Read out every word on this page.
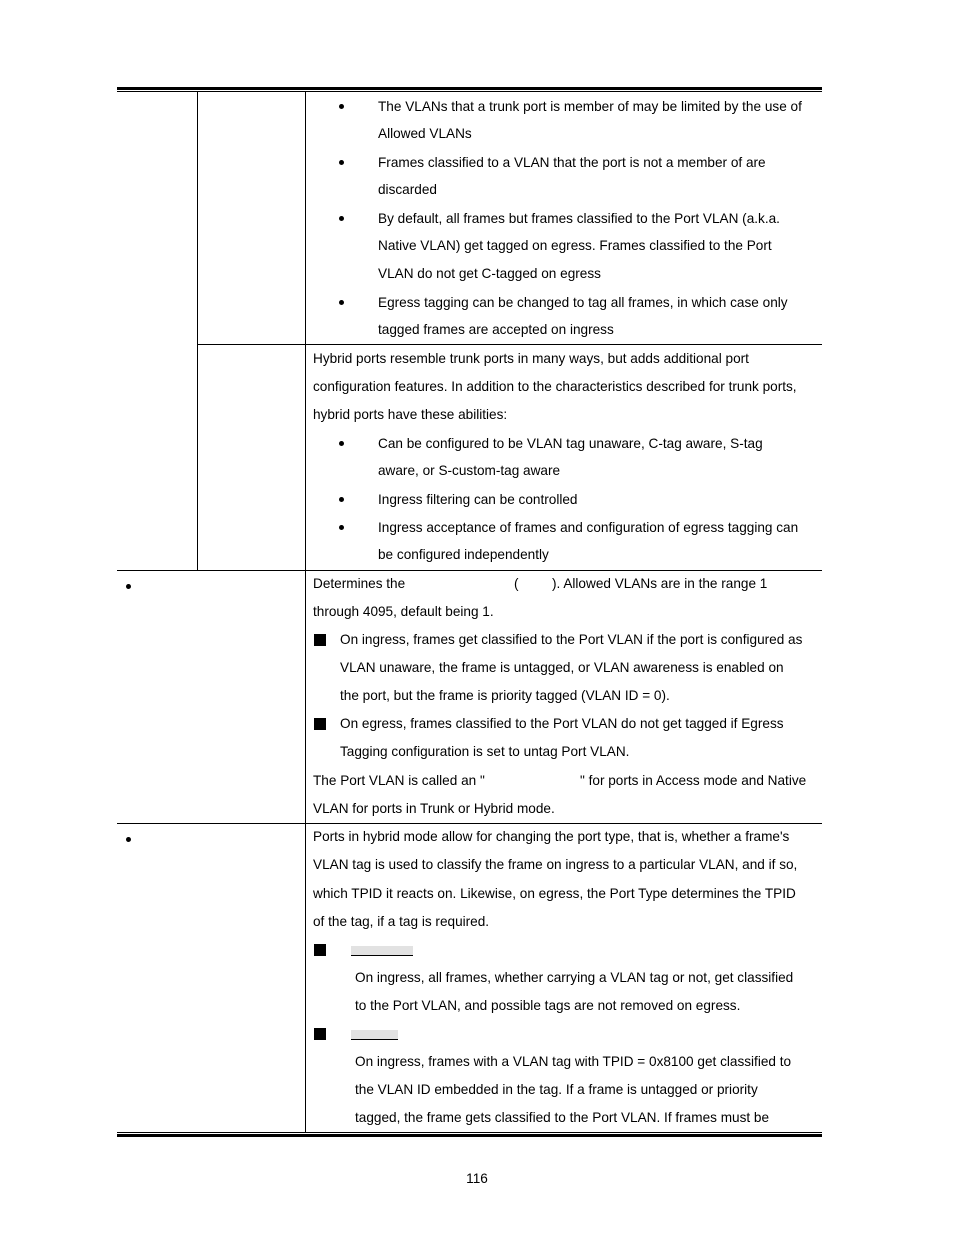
The VLANs that a trunk port is member of may be limited by the use of
Allowed VLANs
Frames classified to a VLAN that the port is not a member of are
discarded
By default, all frames but frames classified to the Port VLAN (a.k.a.
Native VLAN) get tagged on egress. Frames classified to the Port
VLAN do not get C-tagged on egress
Egress tagging can be changed to tag all frames, in which case only
tagged frames are accepted on ingress
Hybrid ports resemble trunk ports in many ways, but adds additional port
configuration features. In addition to the characteristics described for trunk ports,
hybrid ports have these abilities:
Can be configured to be VLAN tag unaware, C-tag aware, S-tag
aware, or S-custom-tag aware
Ingress filtering can be controlled
Ingress acceptance of frames and configuration of egress tagging can
be configured independently
Determines the	( ). Allowed VLANs are in the range 1
through 4095, default being 1.
On ingress, frames get classified to the Port VLAN if the port is configured as
VLAN unaware, the frame is untagged, or VLAN awareness is enabled on
the port, but the frame is priority tagged (VLAN ID = 0).
On egress, frames classified to the Port VLAN do not get tagged if Egress
Tagging configuration is set to untag Port VLAN.
The Port VLAN is called an "	" for ports in Access mode and Native
VLAN for ports in Trunk or Hybrid mode.
Ports in hybrid mode allow for changing the port type, that is, whether a frame's
VLAN tag is used to classify the frame on ingress to a particular VLAN, and if so,
which TPID it reacts on. Likewise, on egress, the Port Type determines the TPID
of the tag, if a tag is required.
On ingress, all frames, whether carrying a VLAN tag or not, get classified
to the Port VLAN, and possible tags are not removed on egress.
On ingress, frames with a VLAN tag with TPID = 0x8100 get classified to
the VLAN ID embedded in the tag. If a frame is untagged or priority
tagged, the frame gets classified to the Port VLAN. If frames must be
116
